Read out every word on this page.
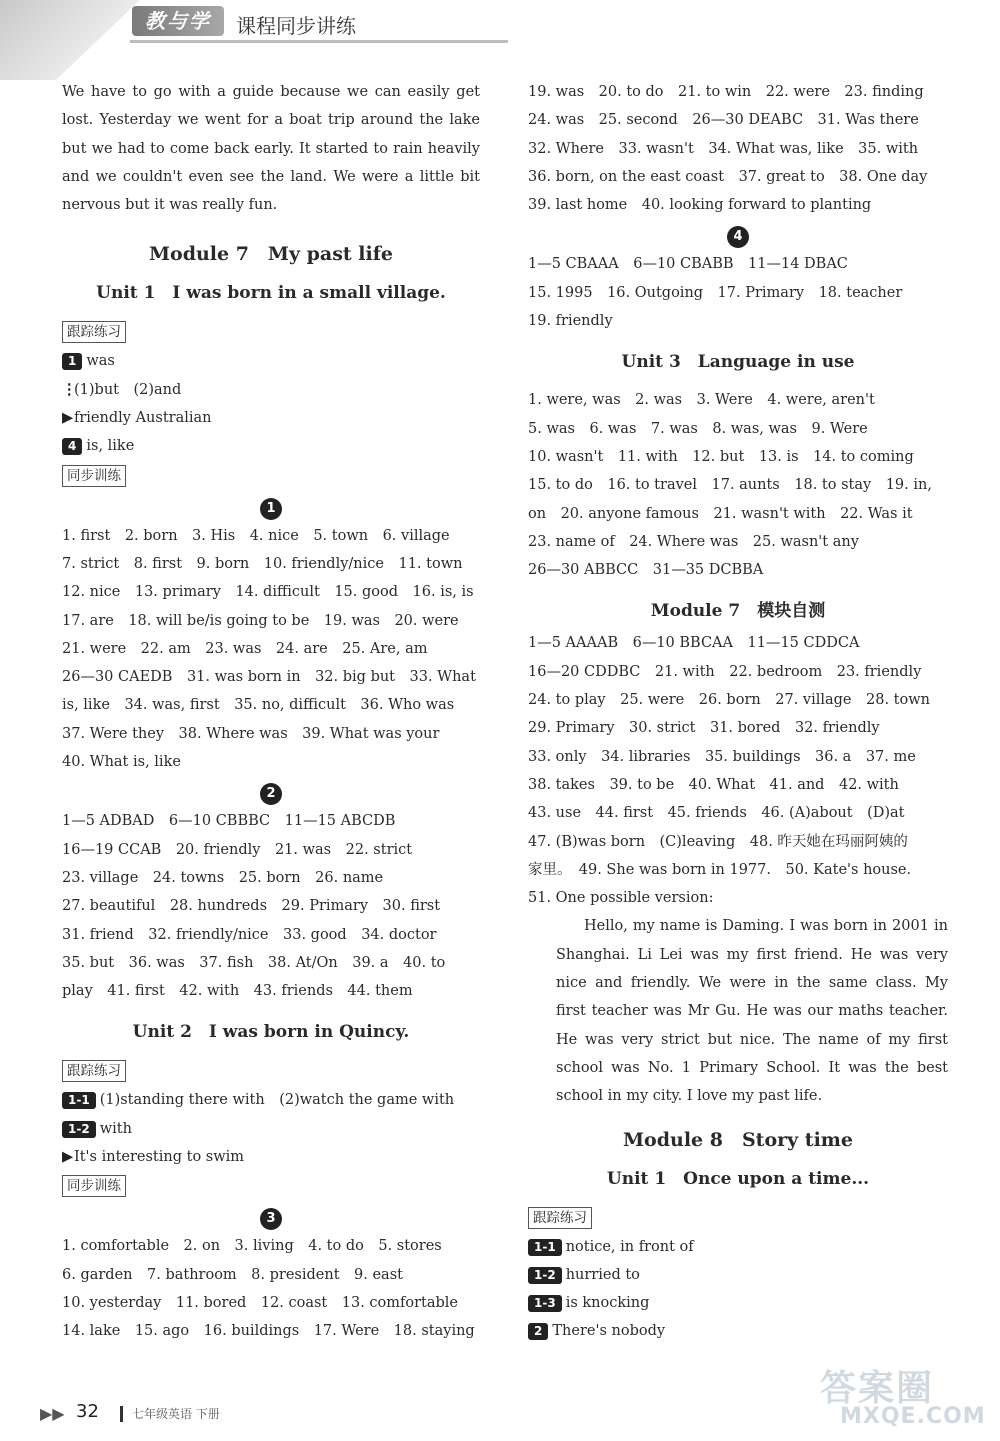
教与学	课程同步讲练
We have to go with a guide because we can easily get lost. Yesterday we went for a boat trip around the lake but we had to come back early. It started to rain heavily and we couldn't even see the land. We were a little bit nervous but it was really fun.
Module 7　My past life
Unit 1　I was born in a small village.
跟踪练习
1 was
⋮(1)but　(2)and
▶friendly Australian
4 is, like
同步训练
1
1. first　2. born　3. His　4. nice　5. town　6. village
7. strict　8. first　9. born　10. friendly/nice　11. town
12. nice　13. primary　14. difficult　15. good　16. is, is
17. are　18. will be/is going to be　19. was　20. were
21. were　22. am　23. was　24. are　25. Are, am
26—30 CAEDB　31. was born in　32. big but　33. What
is, like　34. was, first　35. no, difficult　36. Who was
37. Were they　38. Where was　39. What was your
40. What is, like
2
1—5 ADBAD　6—10 CBBBC　11—15 ABCDB
16—19 CCAB　20. friendly　21. was　22. strict
23. village　24. towns　25. born　26. name
27. beautiful　28. hundreds　29. Primary　30. first
31. friend　32. friendly/nice　33. good　34. doctor
35. but　36. was　37. fish　38. At/On　39. a　40. to
play　41. first　42. with　43. friends　44. them
Unit 2　I was born in Quincy.
跟踪练习
1-1 (1)standing there with　(2)watch the game with
1-2 with
▶It's interesting to swim
同步训练
3
1. comfortable　2. on　3. living　4. to do　5. stores
6. garden　7. bathroom　8. president　9. east
10. yesterday　11. bored　12. coast　13. comfortable
14. lake　15. ago　16. buildings　17. Were　18. staying
19. was　20. to do　21. to win　22. were　23. finding
24. was　25. second　26—30 DEABC　31. Was there
32. Where　33. wasn't　34. What was, like　35. with
36. born, on the east coast　37. great to　38. One day
39. last home　40. looking forward to planting
4
1—5 CBAAA　6—10 CBABB　11—14 DBAC
15. 1995　16. Outgoing　17. Primary　18. teacher
19. friendly
Unit 3　Language in use
1. were, was　2. was　3. Were　4. were, aren't
5. was　6. was　7. was　8. was, was　9. Were
10. wasn't　11. with　12. but　13. is　14. to coming
15. to do　16. to travel　17. aunts　18. to stay　19. in,
on　20. anyone famous　21. wasn't with　22. Was it
23. name of　24. Where was　25. wasn't any
26—30 ABBCC　31—35 DCBBA
Module 7　模块自测
1—5 AAAAB　6—10 BBCAA　11—15 CDDCA
16—20 CDDBC　21. with　22. bedroom　23. friendly
24. to play　25. were　26. born　27. village　28. town
29. Primary　30. strict　31. bored　32. friendly
33. only　34. libraries　35. buildings　36. a　37. me
38. takes　39. to be　40. What　41. and　42. with
43. use　44. first　45. friends　46. (A)about　(D)at
47. (B)was born　(C)leaving　48. 昨天她在玛丽阿姨的
家里。　49. She was born in 1977.　50. Kate's house.
51. One possible version:
Hello, my name is Daming. I was born in 2001 in Shanghai. Li Lei was my first friend. He was very nice and friendly. We were in the same class. My first teacher was Mr Gu. He was our maths teacher. He was very strict but nice. The name of my first school was No. 1 Primary School. It was the best school in my city. I love my past life.
Module 8　Story time
Unit 1　Once upon a time...
跟踪练习
1-1 notice, in front of
1-2 hurried to
1-3 is knocking
2 There's nobody
▶▶ 32	七年级英语 下册
答案圈
MXQE.COM
